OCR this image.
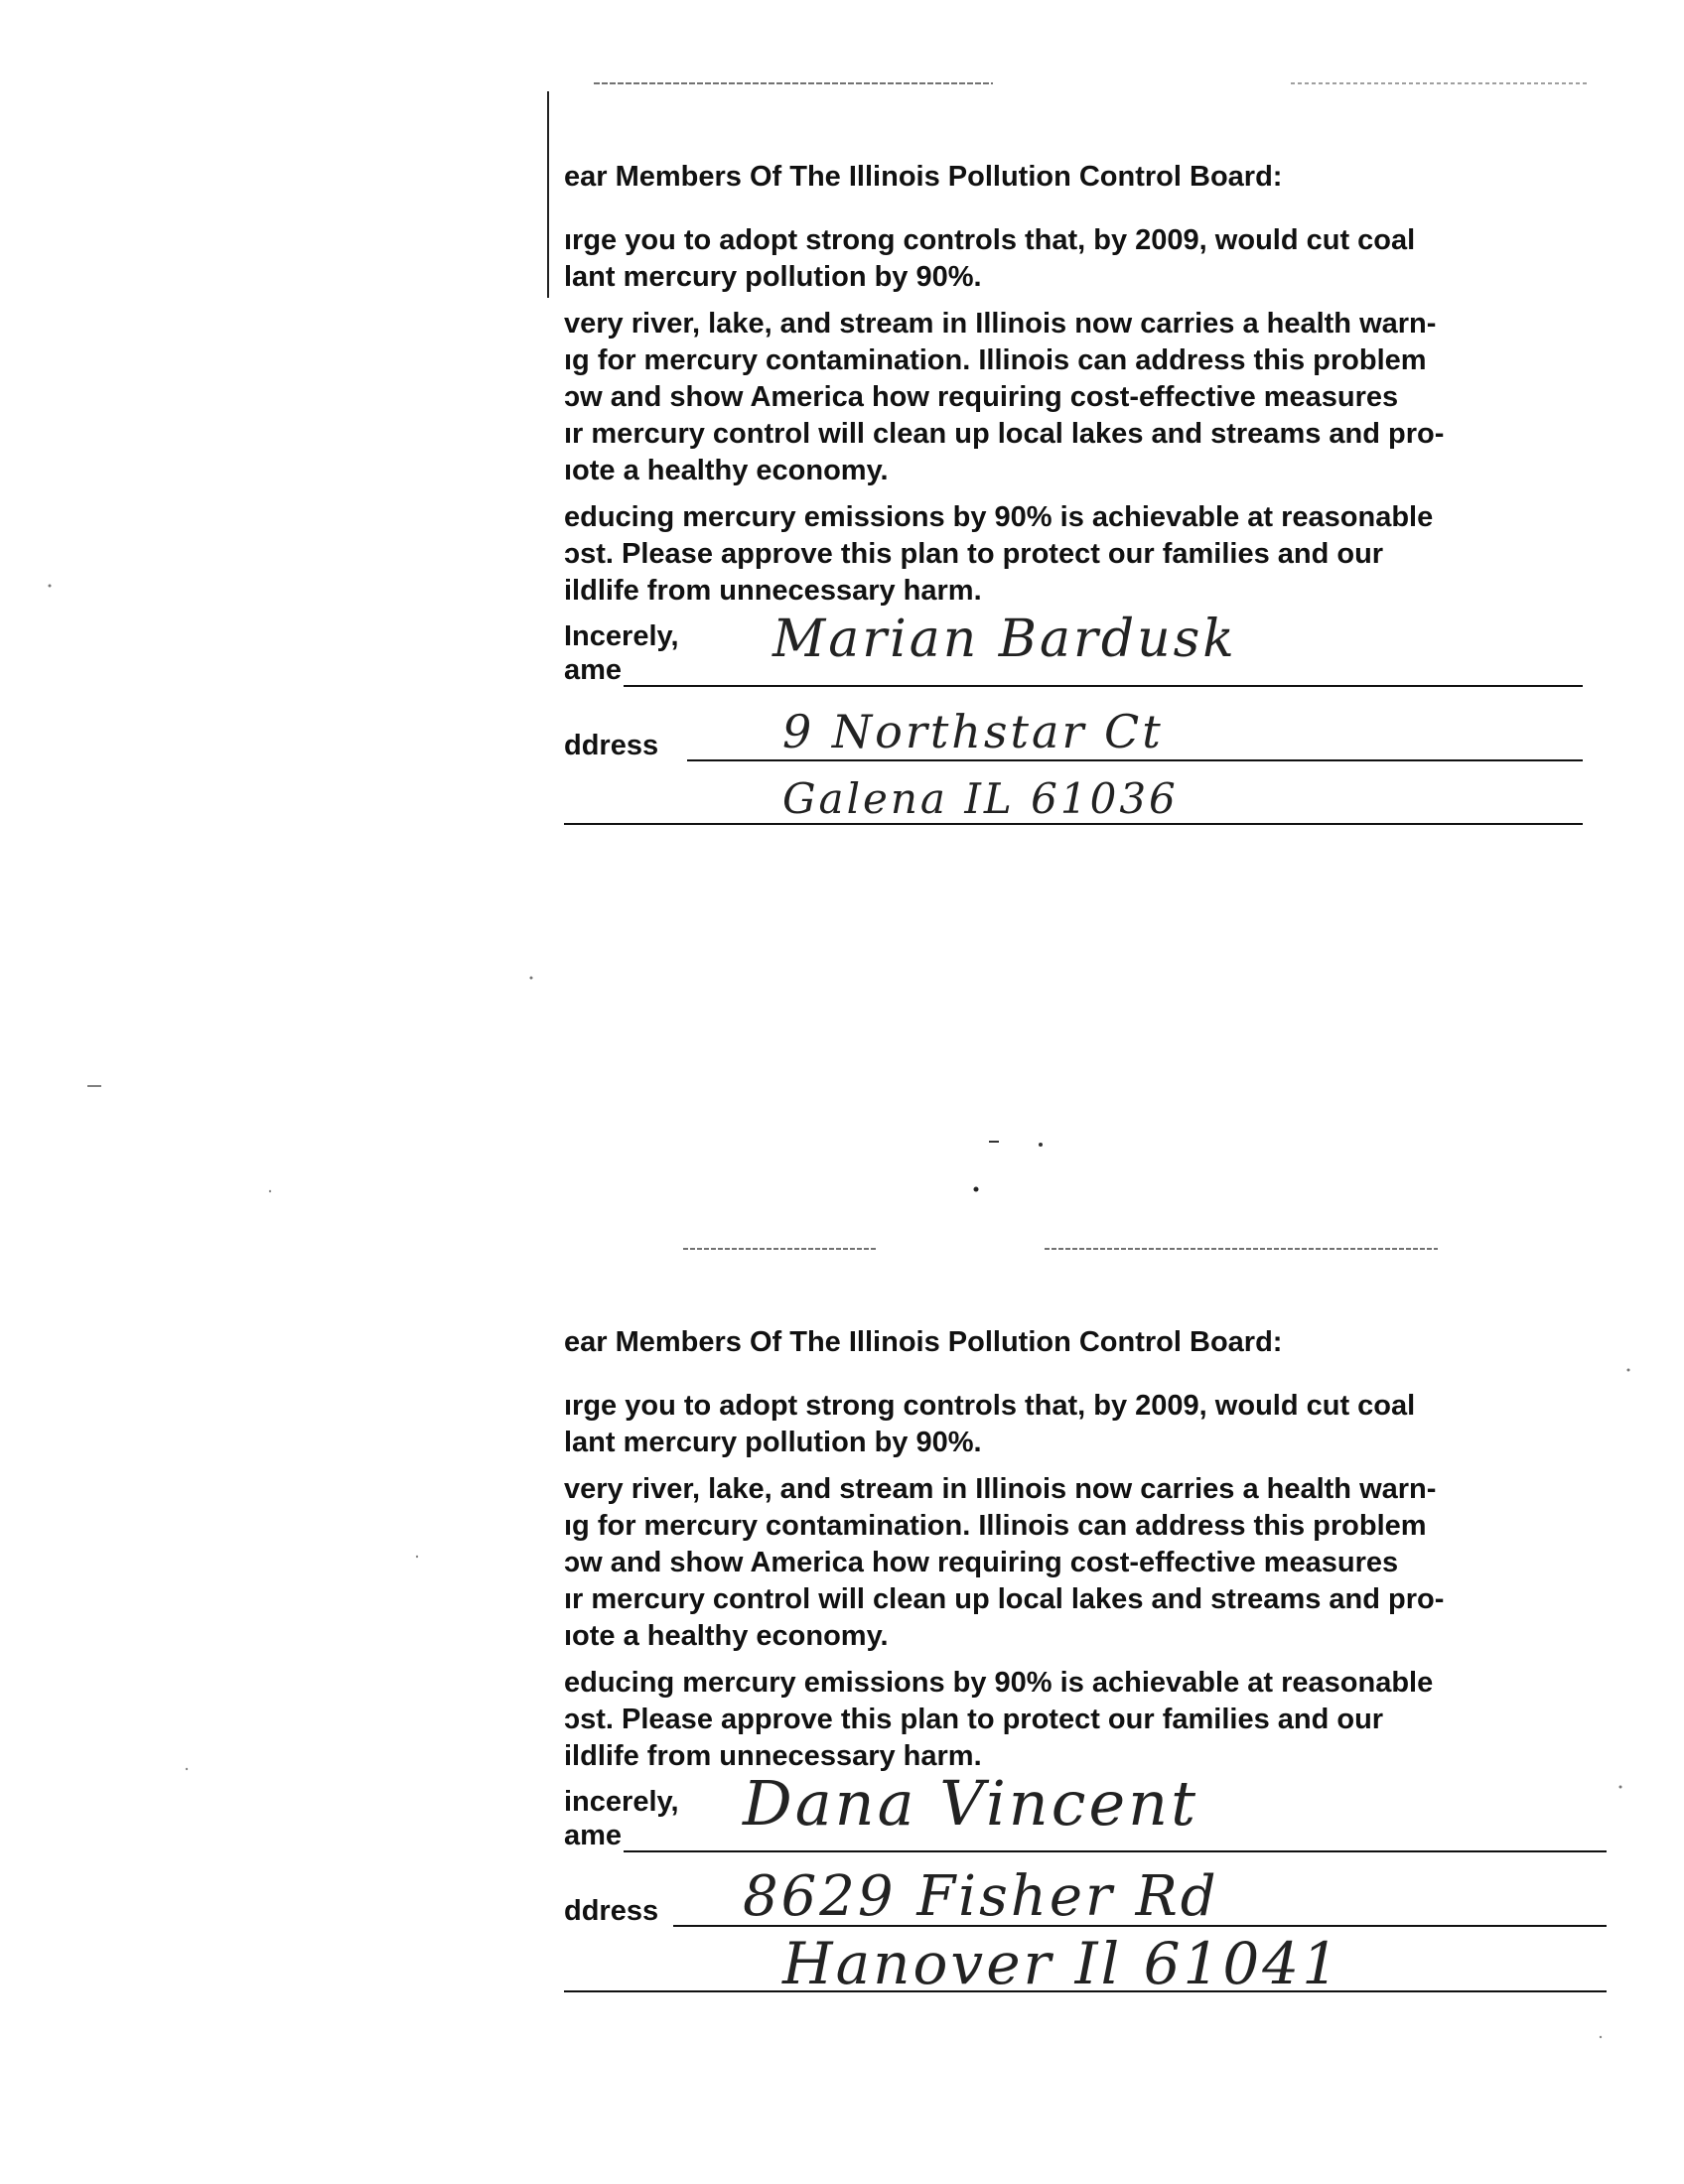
ear Members Of The Illinois Pollution Control Board:
ırge you to adopt strong controls that, by 2009, would cut coal
lant mercury pollution by 90%.
very river, lake, and stream in Illinois now carries a health warn-
ıg for mercury contamination. Illinois can address this problem
ɔw and show America how requiring cost-effective measures
ır mercury control will clean up local lakes and streams and pro-
ıote a healthy economy.
educing mercury emissions by 90% is achievable at reasonable
ɔst. Please approve this plan to protect our families and our
ildlife from unnecessary harm.
Incerely,
ame
Marian Bardusk
ddress	9 Northstar Ct
Galena IL 61036
ear Members Of The Illinois Pollution Control Board:
ırge you to adopt strong controls that, by 2009, would cut coal
lant mercury pollution by 90%.
very river, lake, and stream in Illinois now carries a health warn-
ıg for mercury contamination. Illinois can address this problem
ɔw and show America how requiring cost-effective measures
ır mercury control will clean up local lakes and streams and pro-
ıote a healthy economy.
educing mercury emissions by 90% is achievable at reasonable
ɔst. Please approve this plan to protect our families and our
ildlife from unnecessary harm.
incerely,
ame Dana Vincent
ddress 8629 Fisher Rd
Hanover Il 61041
